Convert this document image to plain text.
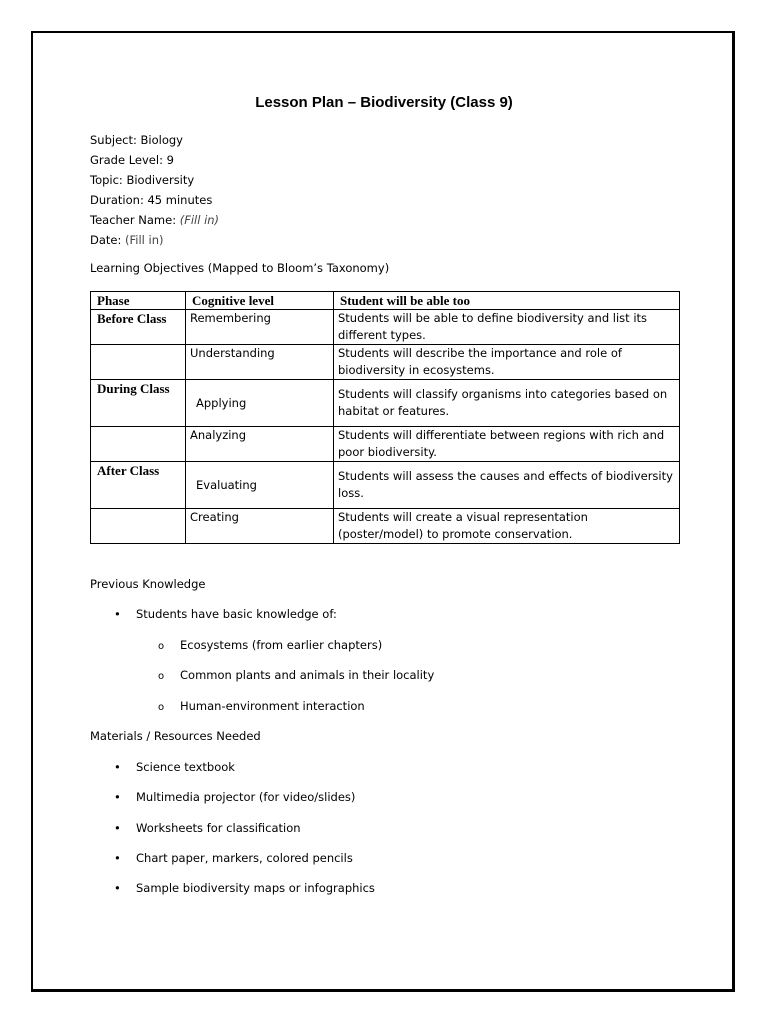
Lesson Plan – Biodiversity (Class 9)
Subject: Biology
Grade Level: 9
Topic: Biodiversity
Duration: 45 minutes
Teacher Name: (Fill in)
Date: (Fill in)
Learning Objectives (Mapped to Bloom’s Taxonomy)
Phase	Cognitive level	Student will be able too
Before Class	Remembering	Students will be able to define biodiversity and list its different types.
	Understanding	Students will describe the importance and role of biodiversity in ecosystems.
During Class	Applying	Students will classify organisms into categories based on habitat or features.
	Analyzing	Students will differentiate between regions with rich and poor biodiversity.
After Class	Evaluating	Students will assess the causes and effects of biodiversity loss.
	Creating	Students will create a visual representation (poster/model) to promote conservation.
Previous Knowledge
• Students have basic knowledge of:
o Ecosystems (from earlier chapters)
o Common plants and animals in their locality
o Human-environment interaction
Materials / Resources Needed
• Science textbook
• Multimedia projector (for video/slides)
• Worksheets for classification
• Chart paper, markers, colored pencils
• Sample biodiversity maps or infographics
